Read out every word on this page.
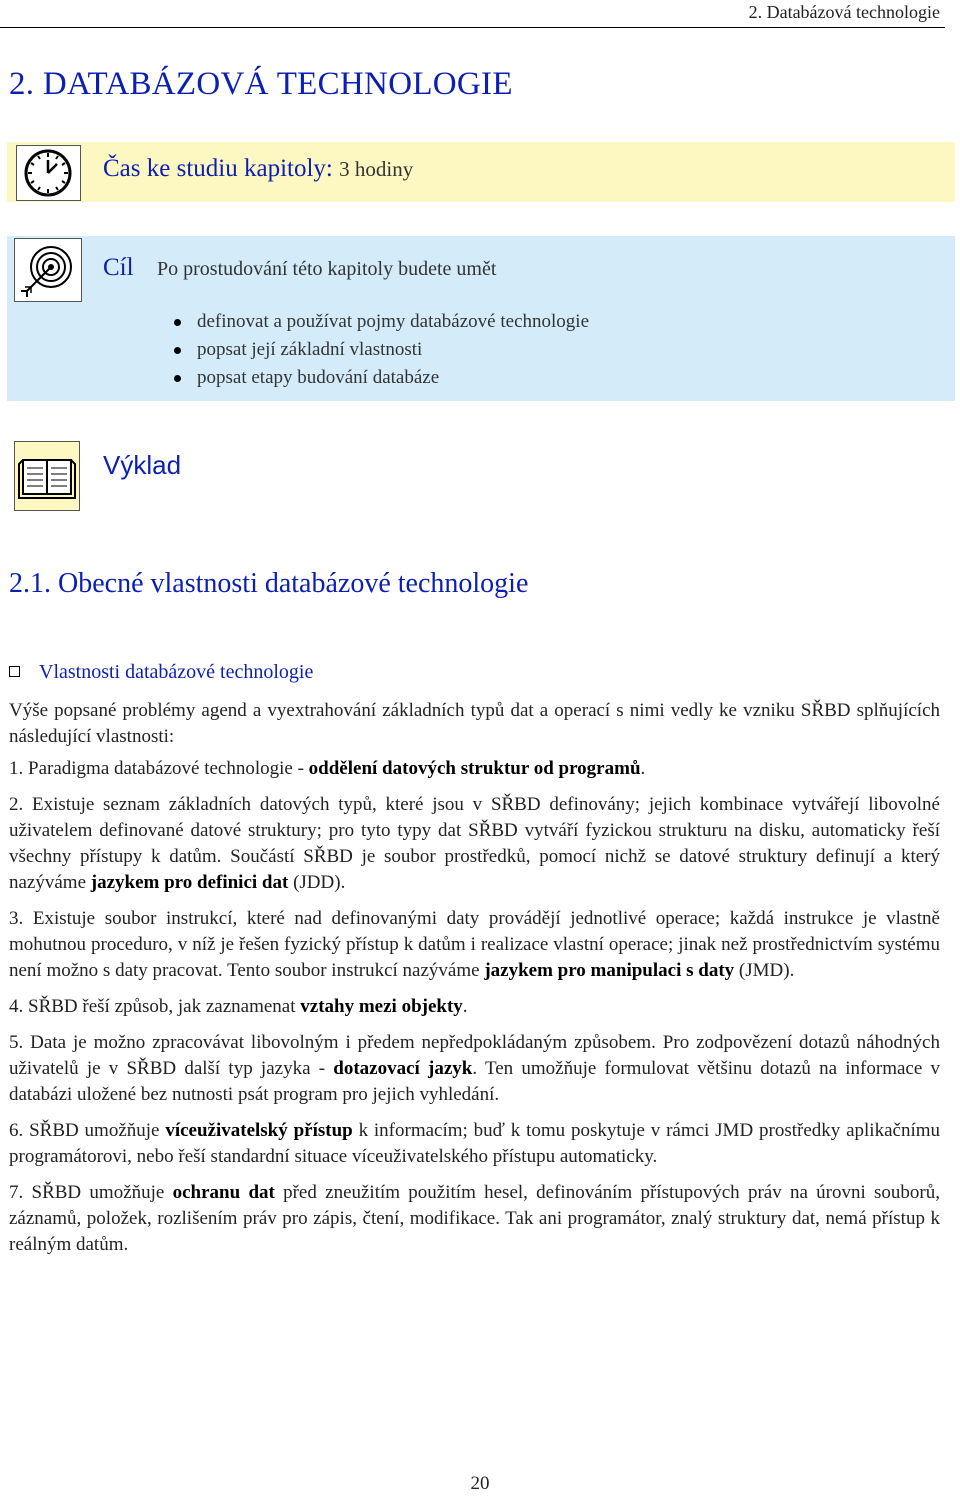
2. Databázová technologie
2. DATABÁZOVÁ TECHNOLOGIE
Čas ke studiu kapitoly: 3 hodiny
Cíl Po prostudování této kapitoly budete umět
definovat a používat pojmy databázové technologie
popsat její základní vlastnosti
popsat etapy budování databáze
Výklad
2.1. Obecné vlastnosti databázové technologie
Vlastnosti databázové technologie

Výše popsané problémy agend a vyextrahování základních typů dat a operací s nimi vedly ke vzniku SŘBD splňujících následující vlastnosti:

1. Paradigma databázové technologie - oddělení datových struktur od programů.

2. Existuje seznam základních datových typů, které jsou v SŘBD definovány; jejich kombinace vytvářejí libovolné uživatelem definované datové struktury; pro tyto typy dat SŘBD vytváří fyzickou strukturu na disku, automaticky řeší všechny přístupy k datům. Součástí SŘBD je soubor prostředků, pomocí nichž se datové struktury definují a který nazýváme jazykem pro definici dat (JDD).

3. Existuje soubor instrukcí, které nad definovanými daty provádějí jednotlivé operace; každá instrukce je vlastně mohutnou proceduro, v níž je řešen fyzický přístup k datům i realizace vlastní operace; jinak než prostřednictvím systému není možno s daty pracovat. Tento soubor instrukcí nazýváme jazykem pro manipulaci s daty (JMD).

4. SŘBD řeší způsob, jak zaznamenat vztahy mezi objekty.

5. Data je možno zpracovávat libovolným i předem nepředpokládaným způsobem. Pro zodpovězení dotazů náhodných uživatelů je v SŘBD další typ jazyka - dotazovací jazyk. Ten umožňuje formulovat většinu dotazů na informace v databázi uložené bez nutnosti psát program pro jejich vyhledání.

6. SŘBD umožňuje víceuživatelský přístup k informacím; buď k tomu poskytuje v rámci JMD prostředky aplikačnímu programátorovi, nebo řeší standardní situace víceuživatelského přístupu automaticky.

7. SŘBD umožňuje ochranu dat před zneužitím použitím hesel, definováním přístupových práv na úrovni souborů, záznamů, položek, rozlišením práv pro zápis, čtení, modifikace. Tak ani programátor, znalý struktury dat, nemá přístup k reálným datům.

20
